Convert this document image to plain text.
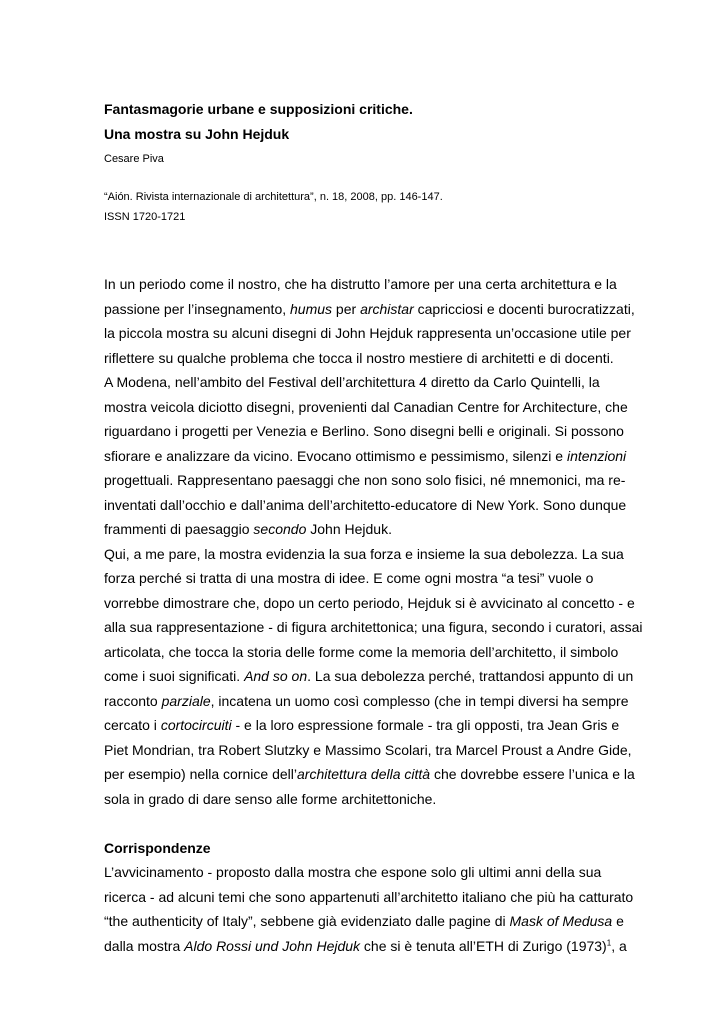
Fantasmagorie urbane e supposizioni critiche.

Una mostra su John Hejduk

Cesare Piva

“Aión. Rivista internazionale di architettura”, n. 18, 2008, pp. 146-147.

ISSN 1720-1721

In un periodo come il nostro, che ha distrutto l’amore per una certa architettura e la
passione per l’insegnamento, humus per archistar capricciosi e docenti burocratizzati,
la piccola mostra su alcuni disegni di John Hejduk rappresenta un’occasione utile per
riflettere su qualche problema che tocca il nostro mestiere di architetti e di docenti.
A Modena, nell’ambito del Festival dell’architettura 4 diretto da Carlo Quintelli, la
mostra veicola diciotto disegni, provenienti dal Canadian Centre for Architecture, che
riguardano i progetti per Venezia e Berlino. Sono disegni belli e originali. Si possono
sfiorare e analizzare da vicino. Evocano ottimismo e pessimismo, silenzi e intenzioni
progettuali. Rappresentano paesaggi che non sono solo fisici, né mnemonici, ma re-
inventati dall’occhio e dall’anima dell’architetto-educatore di New York. Sono dunque
frammenti di paesaggio secondo John Hejduk.
Qui, a me pare, la mostra evidenzia la sua forza e insieme la sua debolezza. La sua
forza perché si tratta di una mostra di idee. E come ogni mostra “a tesi” vuole o
vorrebbe dimostrare che, dopo un certo periodo, Hejduk si è avvicinato al concetto - e
alla sua rappresentazione - di figura architettonica; una figura, secondo i curatori, assai
articolata, che tocca la storia delle forme come la memoria dell’architetto, il simbolo
come i suoi significati. And so on. La sua debolezza perché, trattandosi appunto di un
racconto parziale, incatena un uomo così complesso (che in tempi diversi ha sempre
cercato i cortocircuiti - e la loro espressione formale - tra gli opposti, tra Jean Gris e
Piet Mondrian, tra Robert Slutzky e Massimo Scolari, tra Marcel Proust a Andre Gide,
per esempio) nella cornice dell’architettura della città che dovrebbe essere l’unica e la
sola in grado di dare senso alle forme architettoniche.
Corrispondenze
L’avvicinamento - proposto dalla mostra che espone solo gli ultimi anni della sua
ricerca - ad alcuni temi che sono appartenuti all’architetto italiano che più ha catturato
“the authenticity of Italy”, sebbene già evidenziato dalle pagine di Mask of Medusa e
dalla mostra Aldo Rossi und John Hejduk che si è tenuta all’ETH di Zurigo $(1973)^1$, a
